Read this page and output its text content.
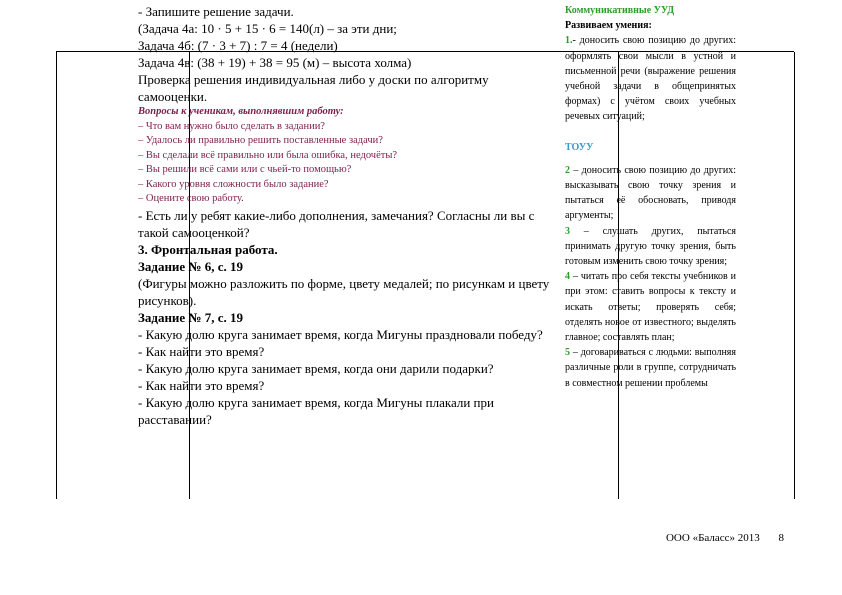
- Запишите решение задачи.

(Задача 4а: 10 · 5 + 15 · 6 = 140(л) – за эти дни;

Задача 4б: (7 · 3 + 7) : 7 = 4 (недели)

Задача 4в: (38 + 19) + 38 = 95 (м) – высота холма)

Проверка решения индивидуальная либо у доски по алгоритму самооценки.

Вопросы к ученикам, выполнявшим работу:

– Что вам нужно было сделать в задании?

– Удалось ли правильно решить поставленные задачи?

– Вы сделали всё правильно или была ошибка, недочёты?

– Вы решили всё сами или с чьей-то помощью?

– Какого уровня сложности было задание?

– Оцените свою работу.

- Есть ли у ребят какие-либо дополнения, замечания? Согласны ли вы с такой самооценкой?

3. Фронтальная работа.

Задание № 6, с. 19

(Фигуры можно разложить по форме, цвету медалей; по рисункам и цвету рисунков).

Задание № 7, с. 19

- Какую долю круга занимает время, когда Мигуны праздновали победу?

- Как найти это время?

- Какую долю круга занимает время, когда они дарили подарки?

- Как найти это время?

- Какую долю круга занимает время, когда Мигуны плакали при расставании?

Коммуникативные УУД

Развиваем умения:

1.- доносить свою позицию до других: оформлять свои мысли в устной и письменной речи (выражение решения учебной задачи в общепринятых формах) с учётом своих учебных речевых ситуаций;

ТОУУ

2 – доносить свою позицию до других: высказывать свою точку зрения и пытаться её обосновать, приводя аргументы;

3 – слушать других, пытаться принимать другую точку зрения, быть готовым изменить свою точку зрения;

4 – читать про себя тексты учебников и при этом: ставить вопросы к тексту и искать ответы; проверять себя; отделять новое от известного; выделять главное; составлять план;

5 – договариваться с людьми: выполняя различные роли в группе, сотрудничать в совместном решении проблемы

ООО «Баласс» 2013 8
